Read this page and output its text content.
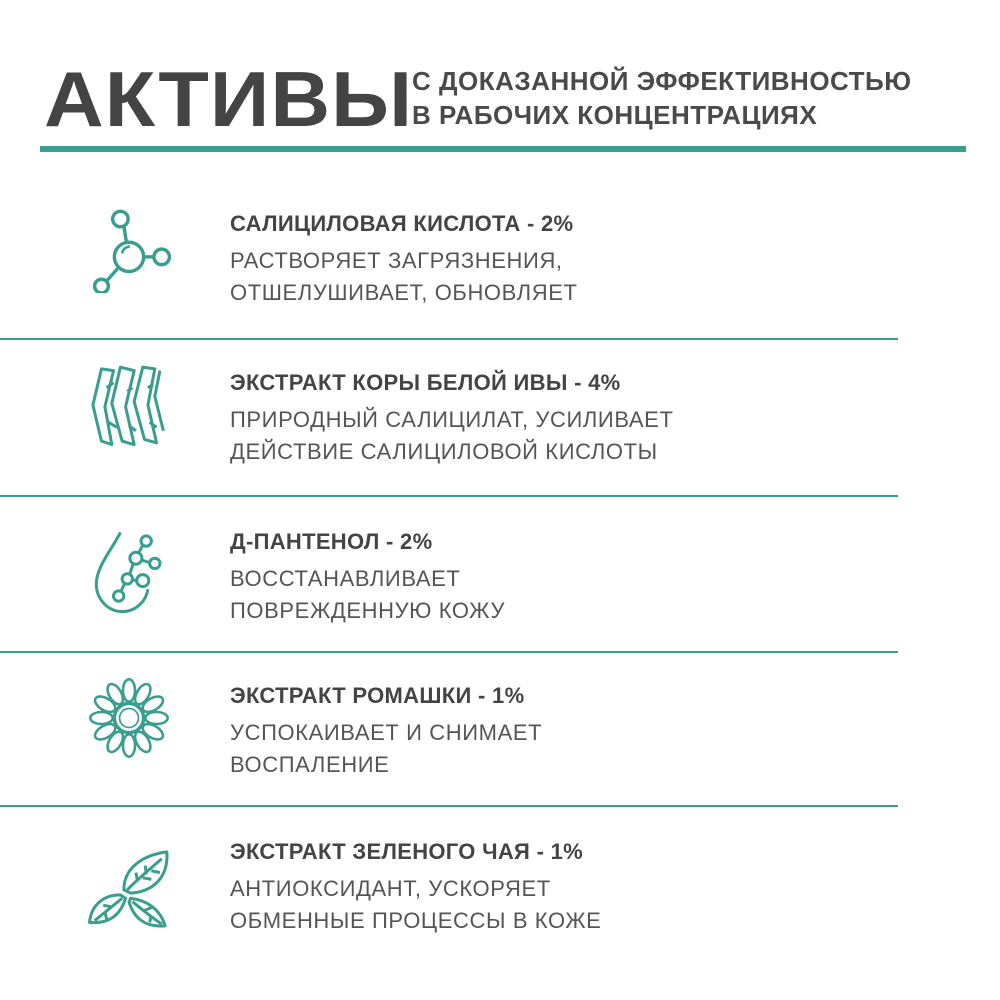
АКТИВЫ
С ДОКАЗАННОЙ ЭФФЕКТИВНОСТЬЮ
В РАБОЧИХ КОНЦЕНТРАЦИЯХ
САЛИЦИЛОВАЯ КИСЛОТА - 2%
РАСТВОРЯЕТ ЗАГРЯЗНЕНИЯ,
ОТШЕЛУШИВАЕТ, ОБНОВЛЯЕТ
ЭКСТРАКТ КОРЫ БЕЛОЙ ИВЫ - 4%
ПРИРОДНЫЙ САЛИЦИЛАТ, УСИЛИВАЕТ
ДЕЙСТВИЕ САЛИЦИЛОВОЙ КИСЛОТЫ
Д-ПАНТЕНОЛ - 2%
ВОССТАНАВЛИВАЕТ
ПОВРЕЖДЕННУЮ КОЖУ
ЭКСТРАКТ РОМАШКИ - 1%
УСПОКАИВАЕТ И СНИМАЕТ
ВОСПАЛЕНИЕ
ЭКСТРАКТ ЗЕЛЕНОГО ЧАЯ - 1%
АНТИОКСИДАНТ, УСКОРЯЕТ
ОБМЕННЫЕ ПРОЦЕССЫ В КОЖЕ
